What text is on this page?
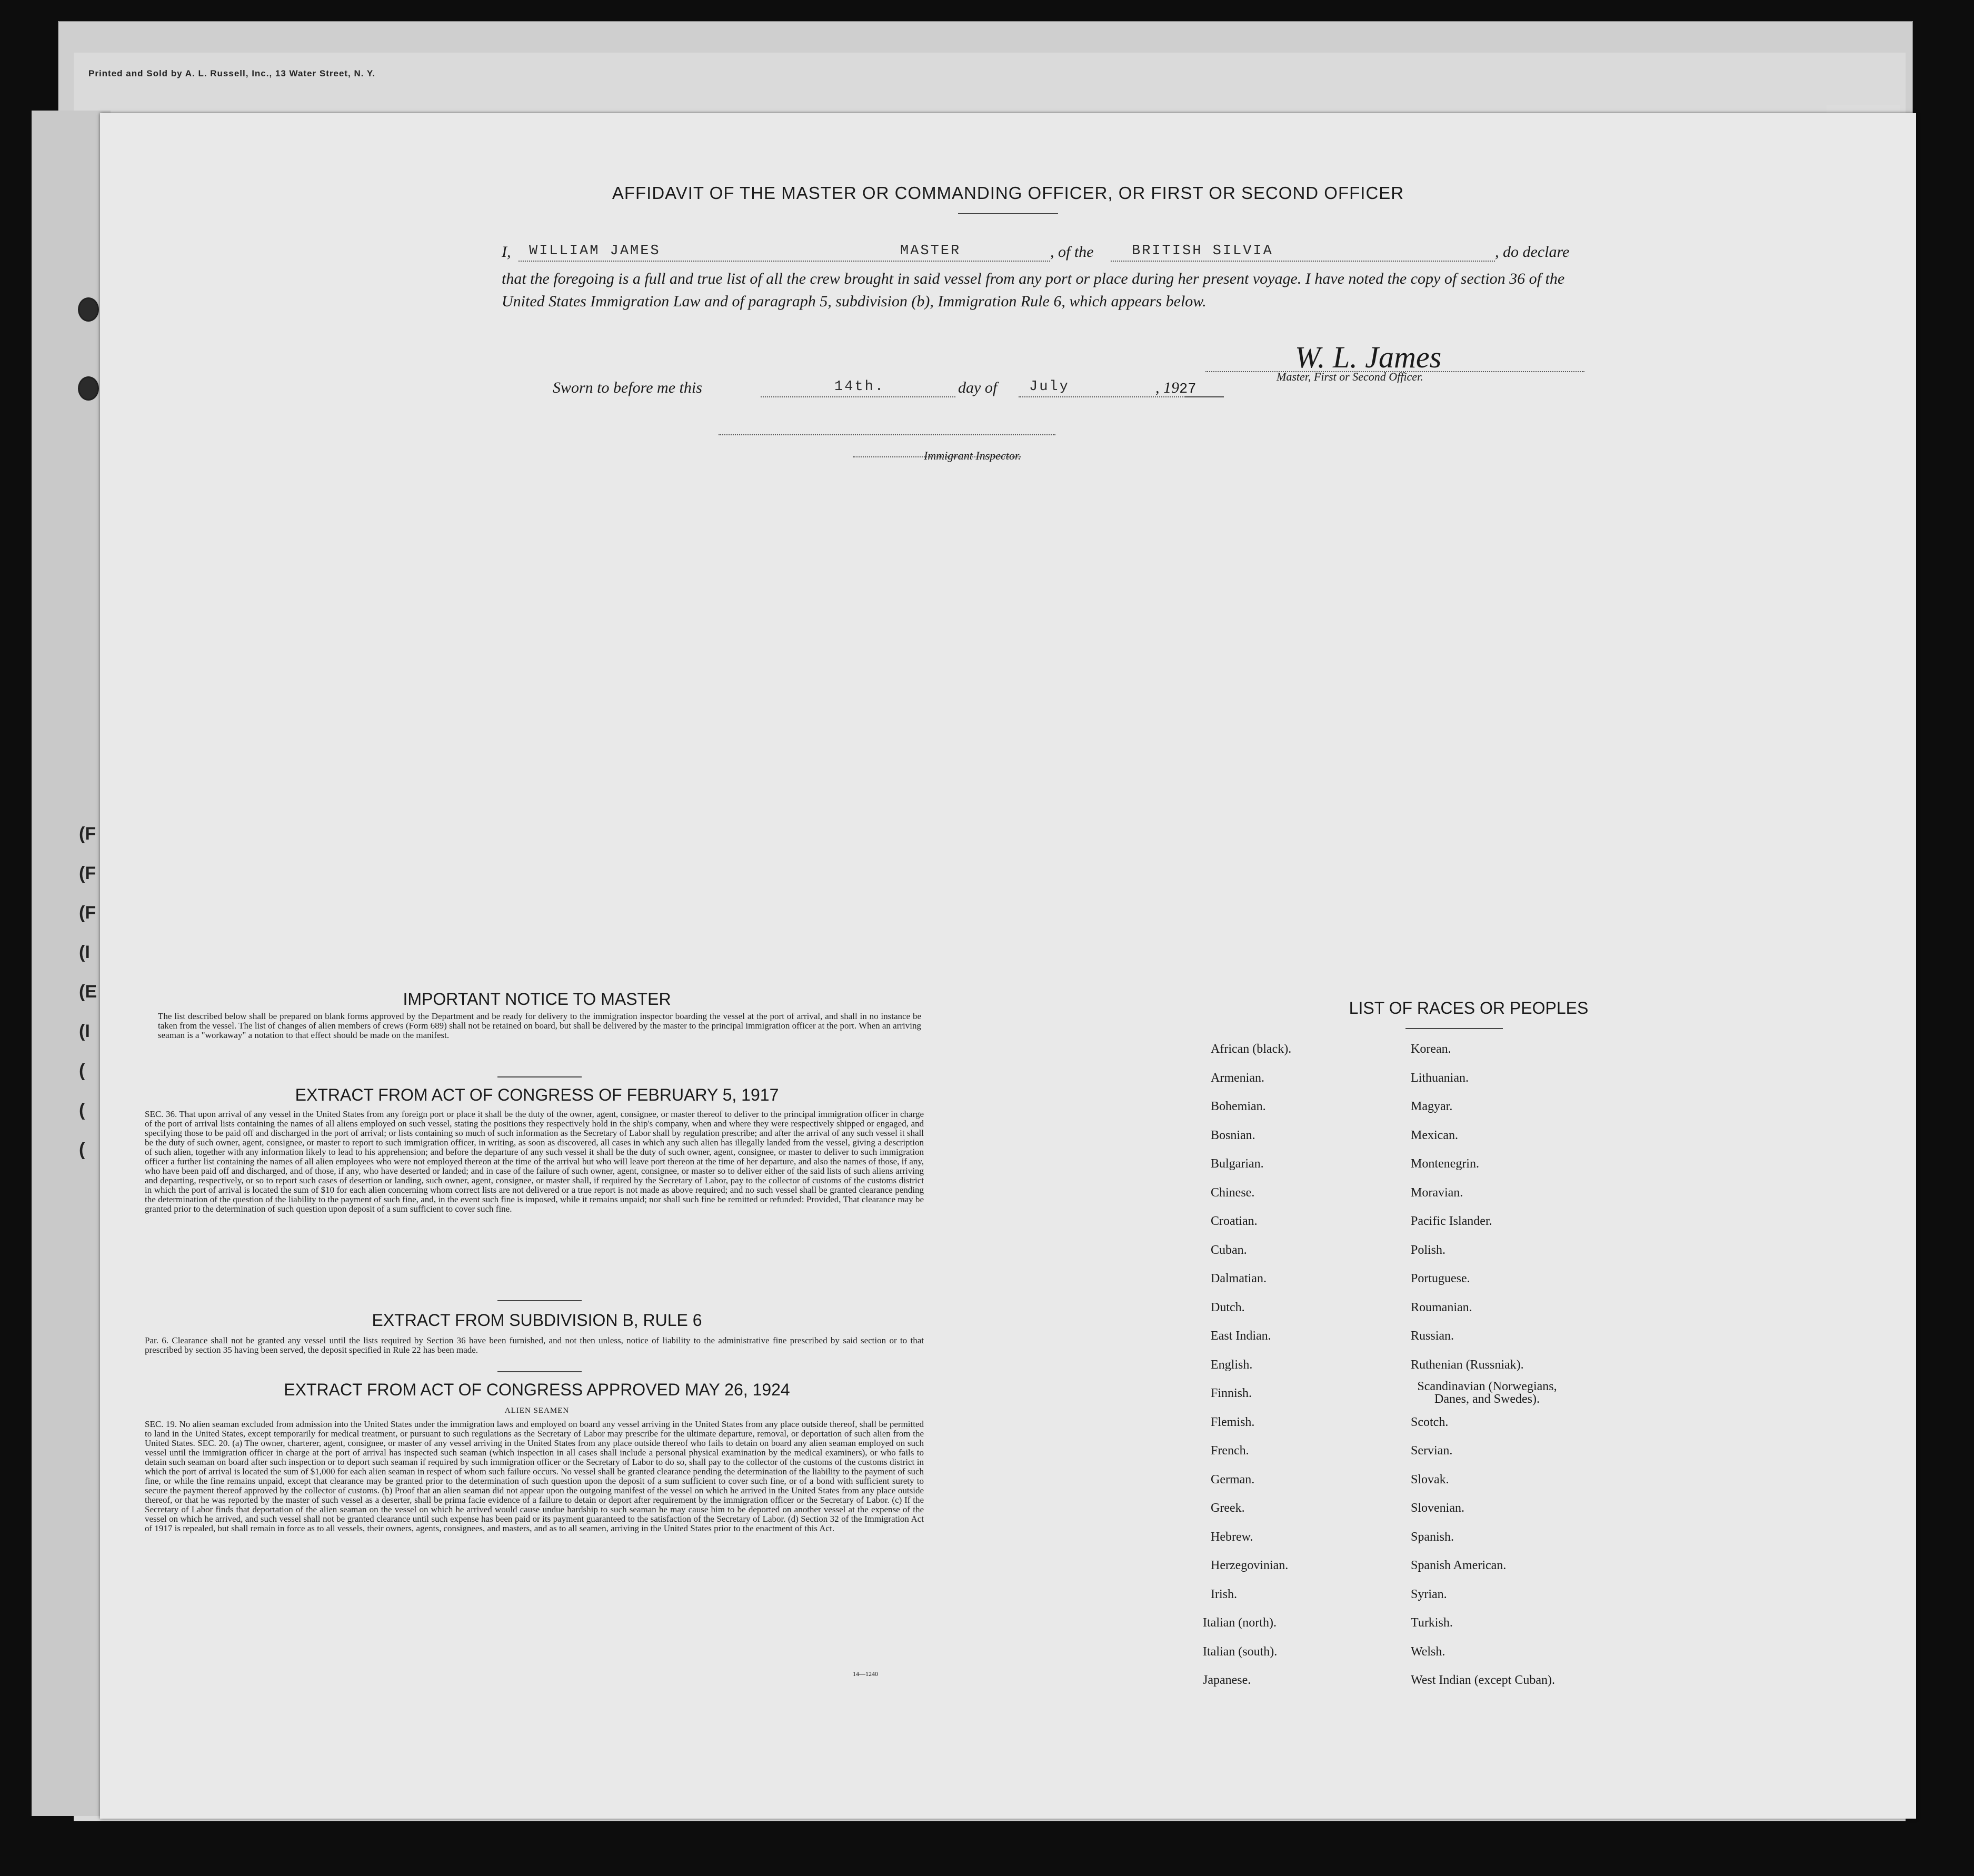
Printed and Sold by A. L. Russell, Inc., 13 Water Street, N. Y.
(F
(F
(F
(I
(E
(I
(
(
(
AFFIDAVIT OF THE MASTER OR COMMANDING OFFICER, OR FIRST OR SECOND OFFICER
I, WILLIAM JAMES	MASTER	, of the	BRITISH SILVIA	, do declare
that the foregoing is a full and true list of all the crew brought in said vessel from any port or place during her present voyage. I have noted the copy of section 36 of the United States Immigration Law and of paragraph 5, subdivision (b), Immigration Rule 6, which appears below.
W. L. James
Master, First or Second Officer.
Sworn to before me this	14th.	day of July	, 1927
Immigrant Inspector.
IMPORTANT NOTICE TO MASTER
The list described below shall be prepared on blank forms approved by the Department and be ready for delivery to the immigration inspector boarding the vessel at the port of arrival, and shall in no instance be taken from the vessel. The list of changes of alien members of crews (Form 689) shall not be retained on board, but shall be delivered by the master to the principal immigration officer at the port. When an arriving seaman is a "workaway" a notation to that effect should be made on the manifest.
EXTRACT FROM ACT OF CONGRESS OF FEBRUARY 5, 1917
SEC. 36. That upon arrival of any vessel in the United States from any foreign port or place it shall be the duty of the owner, agent, consignee, or master thereof to deliver to the principal immigration officer in charge of the port of arrival lists containing the names of all aliens employed on such vessel, stating the positions they respectively hold in the ship's company, when and where they were respectively shipped or engaged, and specifying those to be paid off and discharged in the port of arrival; or lists containing so much of such information as the Secretary of Labor shall by regulation prescribe; and after the arrival of any such vessel it shall be the duty of such owner, agent, consignee, or master to report to such immigration officer, in writing, as soon as discovered, all cases in which any such alien has illegally landed from the vessel, giving a description of such alien, together with any information likely to lead to his apprehension; and before the departure of any such vessel it shall be the duty of such owner, agent, consignee, or master to deliver to such immigration officer a further list containing the names of all alien employees who were not employed thereon at the time of the arrival but who will leave port thereon at the time of her departure, and also the names of those, if any, who have been paid off and discharged, and of those, if any, who have deserted or landed; and in case of the failure of such owner, agent, consignee, or master so to deliver either of the said lists of such aliens arriving and departing, respectively, or so to report such cases of desertion or landing, such owner, agent, consignee, or master shall, if required by the Secretary of Labor, pay to the collector of customs of the customs district in which the port of arrival is located the sum of $10 for each alien concerning whom correct lists are not delivered or a true report is not made as above required; and no such vessel shall be granted clearance pending the determination of the question of the liability to the payment of such fine, and, in the event such fine is imposed, while it remains unpaid; nor shall such fine be remitted or refunded: Provided, That clearance may be granted prior to the determination of such question upon deposit of a sum sufficient to cover such fine.
EXTRACT FROM SUBDIVISION B, RULE 6
Par. 6. Clearance shall not be granted any vessel until the lists required by Section 36 have been furnished, and not then unless, notice of liability to the administrative fine prescribed by said section or to that prescribed by section 35 having been served, the deposit specified in Rule 22 has been made.
EXTRACT FROM ACT OF CONGRESS APPROVED MAY 26, 1924
ALIEN SEAMEN
SEC. 19. No alien seaman excluded from admission into the United States under the immigration laws and employed on board any vessel arriving in the United States from any place outside thereof, shall be permitted to land in the United States, except temporarily for medical treatment, or pursuant to such regulations as the Secretary of Labor may prescribe for the ultimate departure, removal, or deportation of such alien from the United States. SEC. 20. (a) The owner, charterer, agent, consignee, or master of any vessel arriving in the United States from any place outside thereof who fails to detain on board any alien seaman employed on such vessel until the immigration officer in charge at the port of arrival has inspected such seaman (which inspection in all cases shall include a personal physical examination by the medical examiners), or who fails to detain such seaman on board after such inspection or to deport such seaman if required by such immigration officer or the Secretary of Labor to do so, shall pay to the collector of the customs of the customs district in which the port of arrival is located the sum of $1,000 for each alien seaman in respect of whom such failure occurs. No vessel shall be granted clearance pending the determination of the liability to the payment of such fine, or while the fine remains unpaid, except that clearance may be granted prior to the determination of such question upon the deposit of a sum sufficient to cover such fine, or of a bond with sufficient surety to secure the payment thereof approved by the collector of customs. (b) Proof that an alien seaman did not appear upon the outgoing manifest of the vessel on which he arrived in the United States from any place outside thereof, or that he was reported by the master of such vessel as a deserter, shall be prima facie evidence of a failure to detain or deport after requirement by the immigration officer or the Secretary of Labor. (c) If the Secretary of Labor finds that deportation of the alien seaman on the vessel on which he arrived would cause undue hardship to such seaman he may cause him to be deported on another vessel at the expense of the vessel on which he arrived, and such vessel shall not be granted clearance until such expense has been paid or its payment guaranteed to the satisfaction of the Secretary of Labor. (d) Section 32 of the Immigration Act of 1917 is repealed, but shall remain in force as to all vessels, their owners, agents, consignees, and masters, and as to all seamen, arriving in the United States prior to the enactment of this Act.
14—1240
LIST OF RACES OR PEOPLES
African (black).
Armenian.
Bohemian.
Bosnian.
Bulgarian.
Chinese.
Croatian.
Cuban.
Dalmatian.
Dutch.
East Indian.
English.
Finnish.
Flemish.
French.
German.
Greek.
Hebrew.
Herzegovinian.
Irish.
Italian (north).
Italian (south).
Japanese.
Korean.
Lithuanian.
Magyar.
Mexican.
Montenegrin.
Moravian.
Pacific Islander.
Polish.
Portuguese.
Roumanian.
Russian.
Ruthenian (Russniak).
Scandinavian (Norwegians, Danes, and Swedes).
Scotch.
Servian.
Slovak.
Slovenian.
Spanish.
Spanish American.
Syrian.
Turkish.
Welsh.
West Indian (except Cuban).
